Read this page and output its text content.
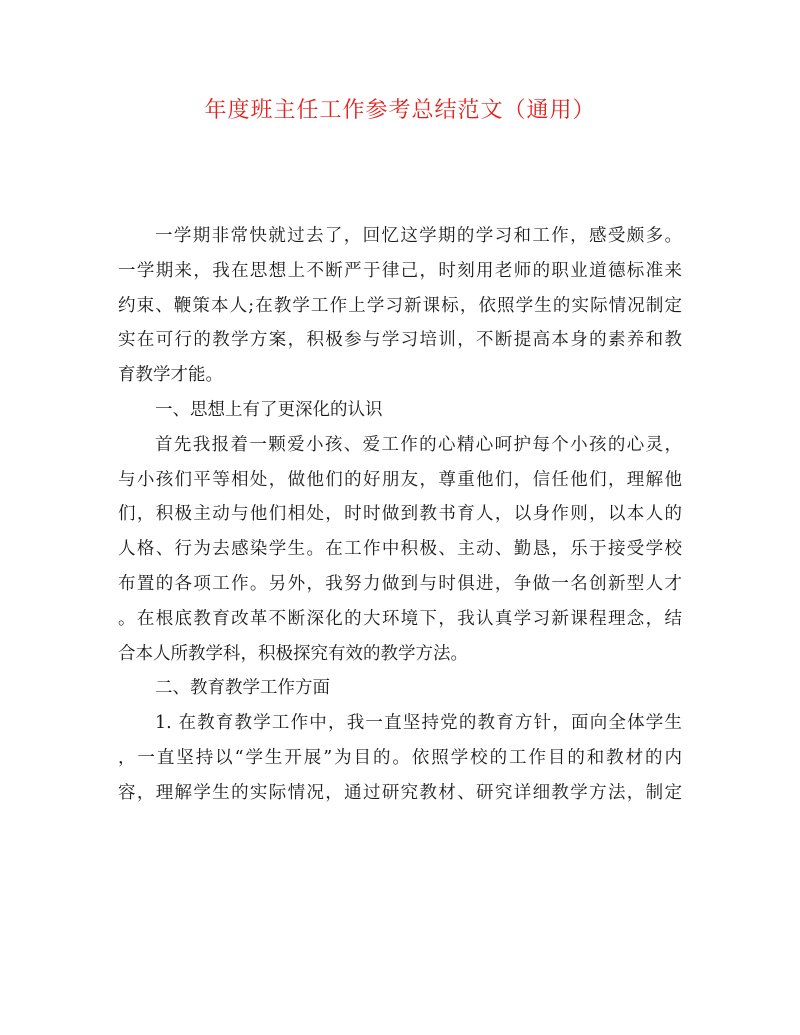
年度班主任工作参考总结范文（通用）
一学期非常快就过去了，回忆这学期的学习和工作，感受颇多。
一学期来，我在思想上不断严于律己，时刻用老师的职业道德标准来
约束、鞭策本人;在教学工作上学习新课标，依照学生的实际情况制定
实在可行的教学方案，积极参与学习培训，不断提高本身的素养和教
育教学才能。
一、思想上有了更深化的认识
首先我报着一颗爱小孩、爱工作的心精心呵护每个小孩的心灵，
与小孩们平等相处，做他们的好朋友，尊重他们，信任他们，理解他
们，积极主动与他们相处，时时做到教书育人，以身作则，以本人的
人格、行为去感染学生。在工作中积极、主动、勤恳，乐于接受学校
布置的各项工作。另外，我努力做到与时俱进，争做一名创新型人才
。在根底教育改革不断深化的大环境下，我认真学习新课程理念，结
合本人所教学科，积极探究有效的教学方法。
二、教育教学工作方面
1. 在教育教学工作中，我一直坚持党的教育方针，面向全体学生
，一直坚持以“学生开展”为目的。依照学校的工作目的和教材的内
容，理解学生的实际情况，通过研究教材、研究详细教学方法，制定
